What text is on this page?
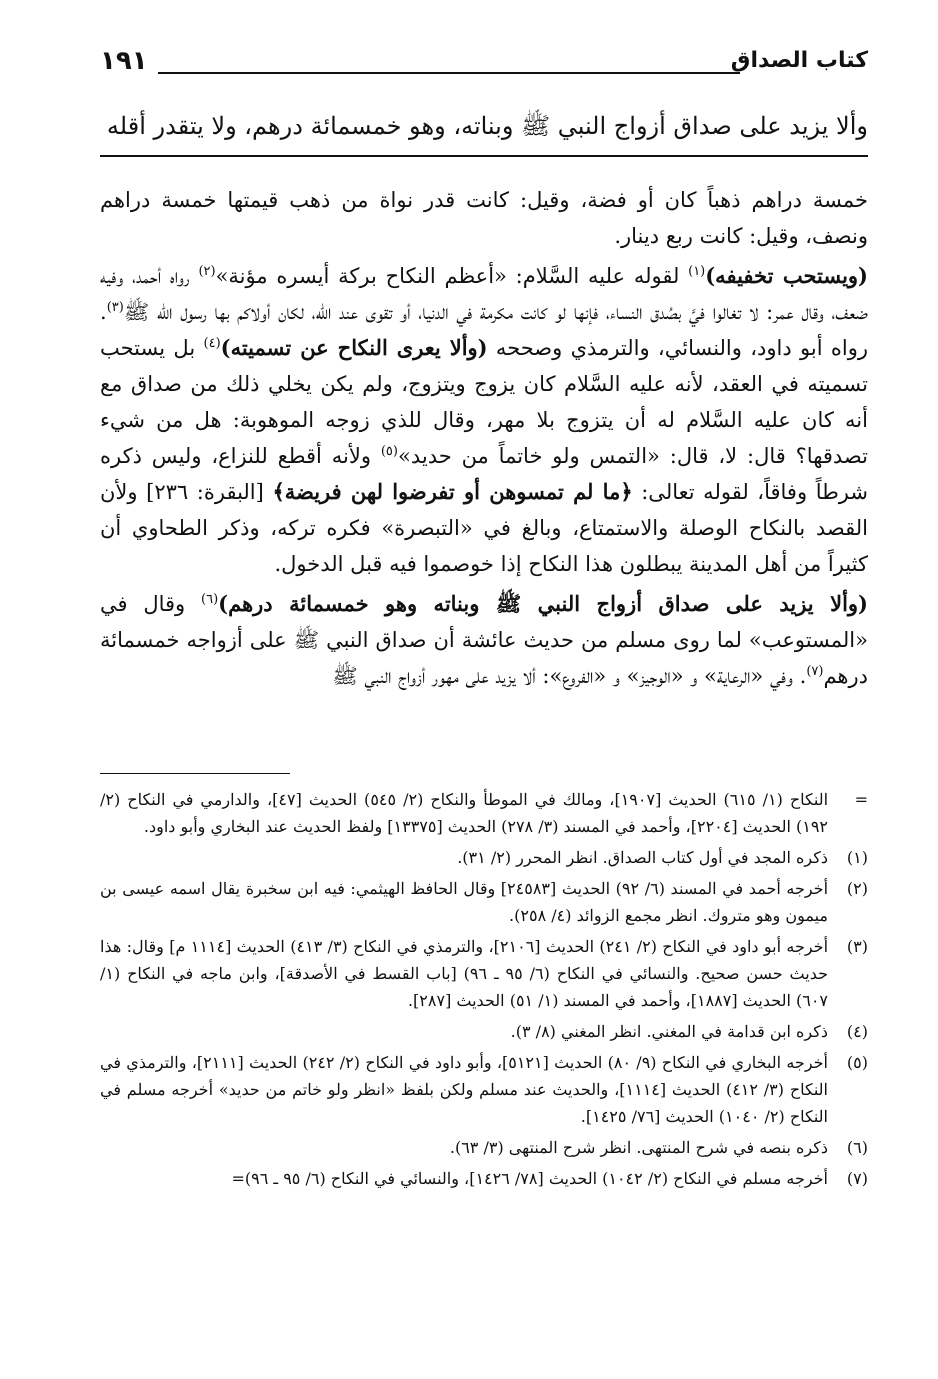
كتاب الصداق
١٩١
وألا يزيد على صداق أزواج النبي ﷺ وبناته، وهو خمسمائة درهم، ولا يتقدر أقله

خمسة دراهم ذهباً كان أو فضة، وقيل: كانت قدر نواة من ذهب قيمتها خمسة دراهم ونصف، وقيل: كانت ربع دينار.

(ويستحب تخفيفه)$^{(١)}$ لقوله عليه السَّلام: «أعظم النكاح بركة أيسره مؤنة»$^{(٢)}$ رواه أحمد، وفيه ضعف، وقال عمر: لا تغالوا فيَّ بصُدق النساء، فإنها لو كانت مكرمة في الدنيا، أو تقوى عند الله، لكان أولاكم بها رسول الله ﷺ$^{(٣)}$. رواه أبو داود، والنسائي، والترمذي وصححه (وألا يعرى النكاح عن تسميته)$^{(٤)}$ بل يستحب تسميته في العقد، لأنه عليه السَّلام كان يزوج ويتزوج، ولم يكن يخلي ذلك من صداق مع أنه كان عليه السَّلام له أن يتزوج بلا مهر، وقال للذي زوجه الموهوبة: هل من شيء تصدقها؟ قال: لا، قال: «التمس ولو خاتماً من حديد»$^{(٥)}$ ولأنه أقطع للنزاع، وليس ذكره شرطاً وفاقاً، لقوله تعالى: ﴿ما لم تمسوهن أو تفرضوا لهن فريضة﴾ [البقرة: ٢٣٦] ولأن القصد بالنكاح الوصلة والاستمتاع، وبالغ في «التبصرة» فكره تركه، وذكر الطحاوي أن كثيراً من أهل المدينة يبطلون هذا النكاح إذا خوصموا فيه قبل الدخول.

(وألا يزيد على صداق أزواج النبي ﷺ وبناته وهو خمسمائة درهم)$^{(٦)}$ وقال في «المستوعب» لما روى مسلم من حديث عائشة أن صداق النبي ﷺ على أزواجه خمسمائة درهم$^{(٧)}$. وفي «الرعاية» و «الوجيز» و «الفروع»: ألا يزيد على مهور أزواج النبي ﷺ

=
النكاح (١/ ٦١٥) الحديث [١٩٠٧]، ومالك في الموطأ والنكاح (٢/ ٥٤٥) الحديث [٤٧]، والدارمي في النكاح (٢/ ١٩٢) الحديث [٢٢٠٤]، وأحمد في المسند (٣/ ٢٧٨) الحديث [١٣٣٧٥] ولفظ الحديث عند البخاري وأبو داود.
(١)
ذكره المجد في أول كتاب الصداق. انظر المحرر (٢/ ٣١).
(٢)
أخرجه أحمد في المسند (٦/ ٩٢) الحديث [٢٤٥٨٣] وقال الحافظ الهيثمي: فيه ابن سخبرة يقال اسمه عيسى بن ميمون وهو متروك. انظر مجمع الزوائد (٤/ ٢٥٨).
(٣)
أخرجه أبو داود في النكاح (٢/ ٢٤١) الحديث [٢١٠٦]، والترمذي في النكاح (٣/ ٤١٣) الحديث [١١١٤ م] وقال: هذا حديث حسن صحيح. والنسائي في النكاح (٦/ ٩٥ ـ ٩٦) [باب القسط في الأصدقة]، وابن ماجه في النكاح (١/ ٦٠٧) الحديث [١٨٨٧]، وأحمد في المسند (١/ ٥١) الحديث [٢٨٧].
(٤)
ذكره ابن قدامة في المغني. انظر المغني (٨/ ٣).
(٥)
أخرجه البخاري في النكاح (٩/ ٨٠) الحديث [٥١٢١]، وأبو داود في النكاح (٢/ ٢٤٢) الحديث [٢١١١]، والترمذي في النكاح (٣/ ٤١٢) الحديث [١١١٤]، والحديث عند مسلم ولكن بلفظ «انظر ولو خاتم من حديد» أخرجه مسلم في النكاح (٢/ ١٠٤٠) الحديث [٧٦/ ١٤٢٥].
(٦)
ذكره بنصه في شرح المنتهى. انظر شرح المنتهى (٣/ ٦٣).
(٧)
أخرجه مسلم في النكاح (٢/ ١٠٤٢) الحديث [٧٨/ ١٤٢٦]، والنسائي في النكاح (٦/ ٩٥ ـ ٩٦)=
